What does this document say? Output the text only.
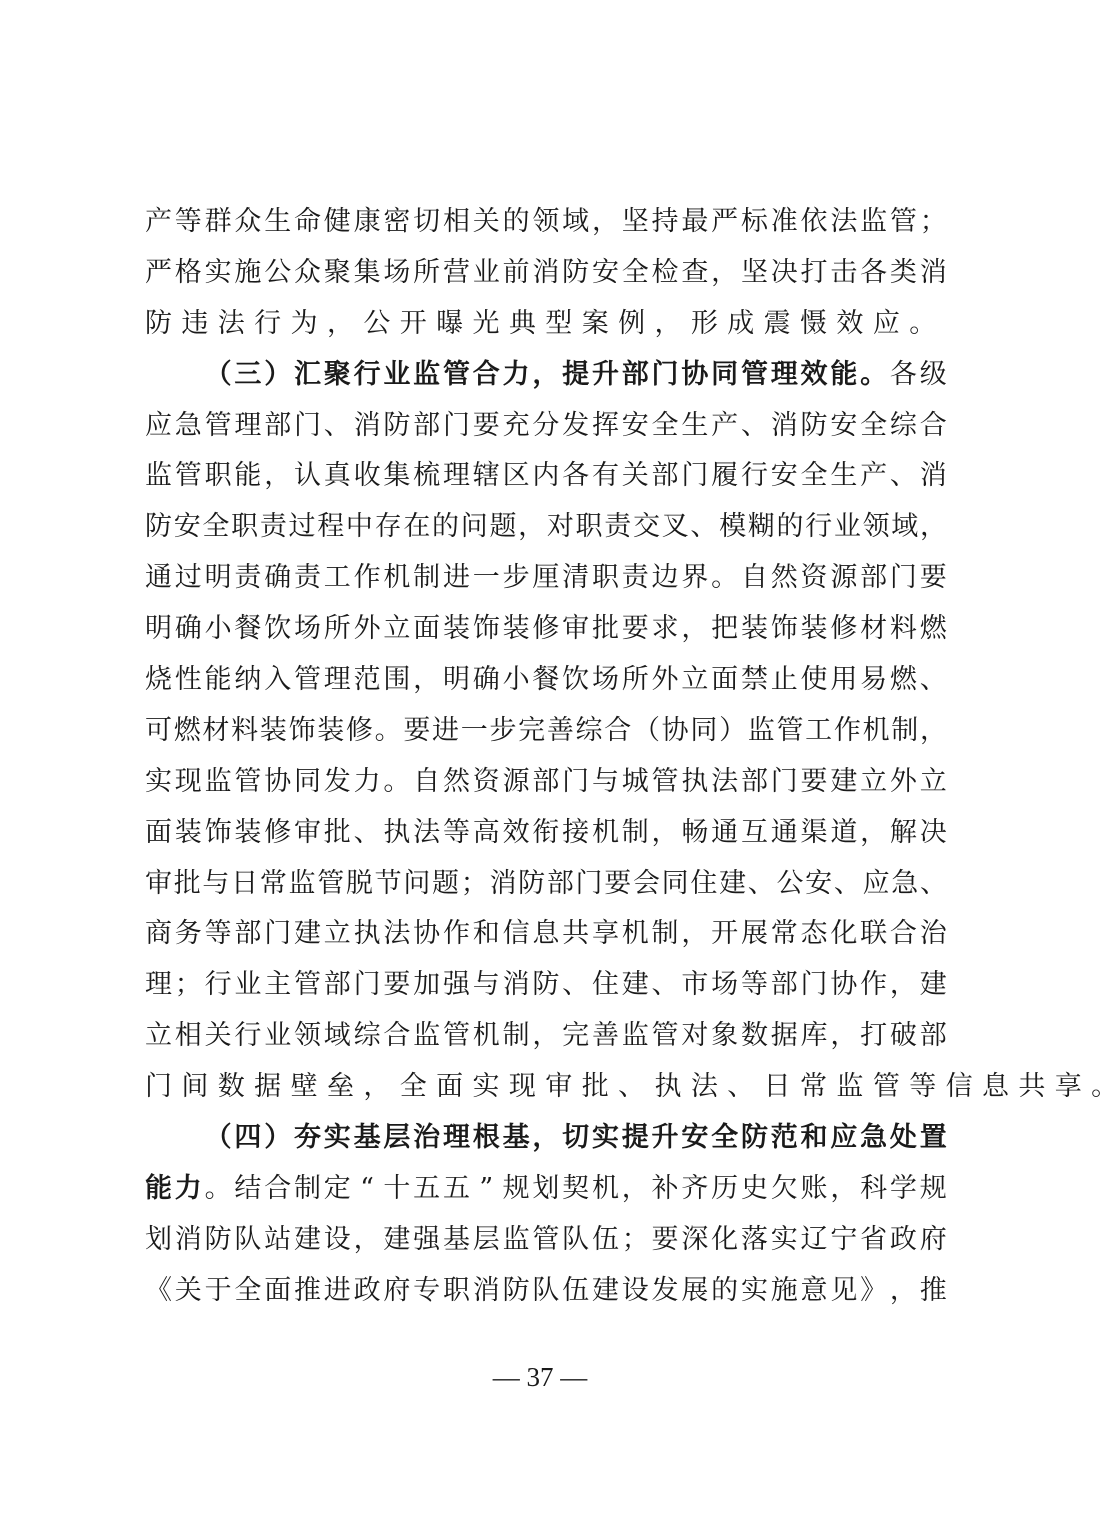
产 等 群 众 生 命 健 康 密 切 相 关 的 领 域 ， 坚 持 最 严 标 准 依 法 监 管 ；
严 格 实 施 公 众 聚 集 场 所 营 业 前 消 防 安 全 检 查 ， 坚 决 打 击 各 类 消
防 违 法 行 为 ， 公 开 曝 光 典 型 案 例 ， 形 成 震 慑 效 应 。

（ 三 ） 汇 聚 行 业 监 管 合 力 ， 提 升 部 门 协 同 管 理 效 能 。 各 级
应 急 管 理 部 门 、 消 防 部 门 要 充 分 发 挥 安 全 生 产 、 消 防 安 全 综 合
监 管 职 能 ， 认 真 收 集 梳 理 辖 区 内 各 有 关 部 门 履 行 安 全 生 产 、 消
防 安 全 职 责 过 程 中 存 在 的 问 题 ， 对 职 责 交 叉 、 模 糊 的 行 业 领 域 ，
通 过 明 责 确 责 工 作 机 制 进 一 步 厘 清 职 责 边 界 。 自 然 资 源 部 门 要
明 确 小 餐 饮 场 所 外 立 面 装 饰 装 修 审 批 要 求 ， 把 装 饰 装 修 材 料 燃
烧 性 能 纳 入 管 理 范 围 ， 明 确 小 餐 饮 场 所 外 立 面 禁 止 使 用 易 燃 、
可 燃 材 料 装 饰 装 修 。 要 进 一 步 完 善 综 合 （ 协 同 ） 监 管 工 作 机 制 ，
实 现 监 管 协 同 发 力 。 自 然 资 源 部 门 与 城 管 执 法 部 门 要 建 立 外 立
面 装 饰 装 修 审 批 、 执 法 等 高 效 衔 接 机 制 ， 畅 通 互 通 渠 道 ， 解 决
审 批 与 日 常 监 管 脱 节 问 题 ； 消 防 部 门 要 会 同 住 建 、 公 安 、 应 急 、
商 务 等 部 门 建 立 执 法 协 作 和 信 息 共 享 机 制 ， 开 展 常 态 化 联 合 治
理 ； 行 业 主 管 部 门 要 加 强 与 消 防 、 住 建 、 市 场 等 部 门 协 作 ， 建
立 相 关 行 业 领 域 综 合 监 管 机 制 ， 完 善 监 管 对 象 数 据 库 ， 打 破 部
门 间 数 据 壁 垒 ， 全 面 实 现 审 批 、 执 法 、 日 常 监 管 等 信 息 共 享 。

（ 四 ） 夯 实 基 层 治 理 根 基 ， 切 实 提 升 安 全 防 范 和 应 急 处 置
能 力 。 结 合 制 定 “ 十 五 五 ” 规 划 契 机 ， 补 齐 历 史 欠 账 ， 科 学 规
划 消 防 队 站 建 设 ， 建 强 基 层 监 管 队 伍 ； 要 深 化 落 实 辽 宁 省 政 府
《 关 于 全 面 推 进 政 府 专 职 消 防 队 伍 建 设 发 展 的 实 施 意 见 》 ， 推
— 37 —
